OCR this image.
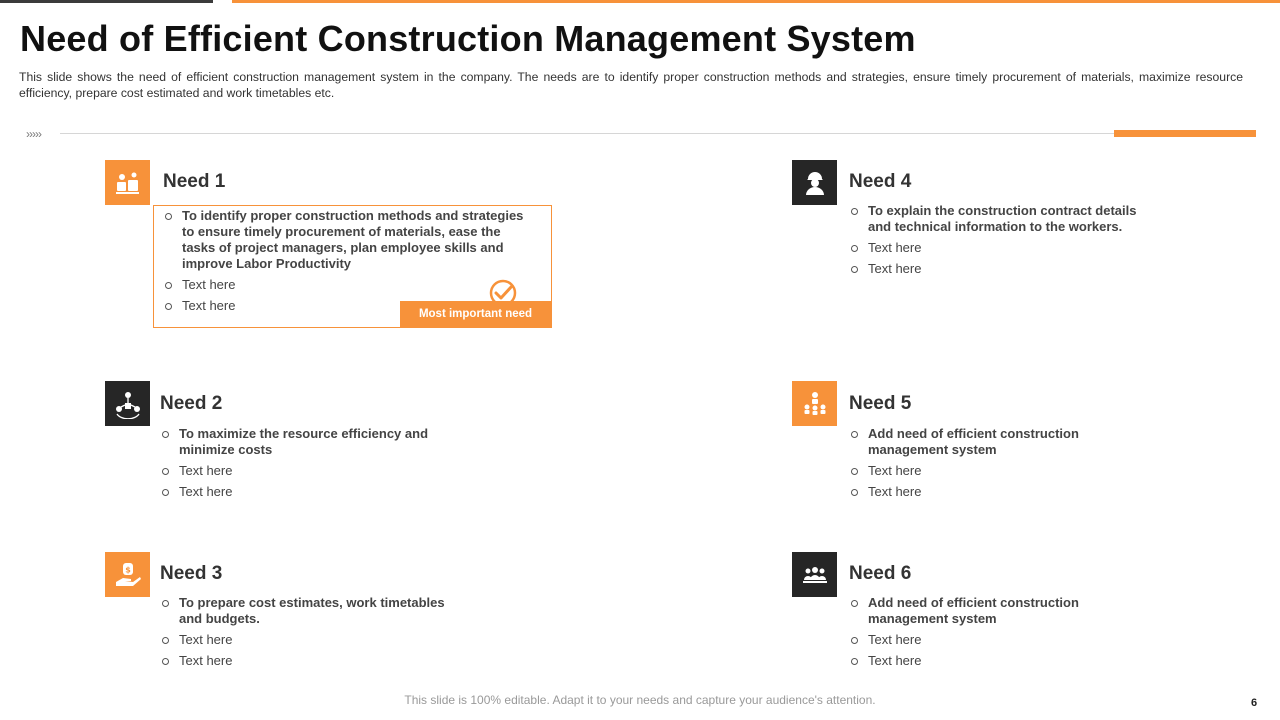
Need of Efficient Construction Management System

This slide shows the need of efficient construction management system in the company. The needs are to identify proper construction methods and strategies, ensure timely procurement of materials, maximize resource efficiency, prepare cost estimated and work timetables etc.

›››››
Need 1
To identify proper construction methods and strategies to ensure timely procurement of materials, ease the tasks of project managers, plan employee skills and improve Labor Productivity
Text here
Text here
Most important need
Need 2
To maximize the resource efficiency and minimize costs
Text here
Text here
$ Need 3
To prepare cost estimates, work timetables and budgets.
Text here
Text here
Need 4
To explain the construction contract details and technical information to the workers.
Text here
Text here
Need 5
Add need of efficient construction management system
Text here
Text here
Need 6
Add need of efficient construction management system
Text here
Text here
This slide is 100% editable. Adapt it to your needs and capture your audience's attention.	6
